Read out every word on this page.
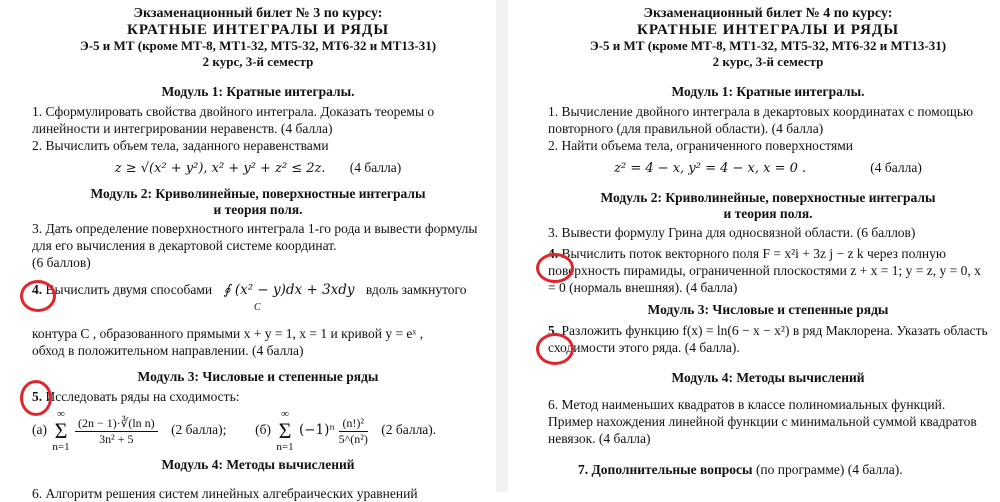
Экзаменационный билет № 3 по курсу:
КРАТНЫЕ ИНТЕГРАЛЫ И РЯДЫ
Э-5 и МТ (кроме МТ-8, МТ1-32, МТ5-32, МТ6-32 и МТ13-31)
2 курс, 3-й семестр
Модуль 1: Кратные интегралы.
1. Сформулировать свойства двойного интеграла. Доказать теоремы о линейности и интегрировании неравенств. (4 балла)
2. Вычислить объем тела, заданного неравенствами
z ≥ √(x² + y²), x² + y² + z² ≤ 2z. (4 балла)
Модуль 2: Криволинейные, поверхностные интегралы
и теория поля.
3. Дать определение поверхностного интеграла 1-го рода и вывести формулы для его вычисления в декартовой системе координат.
(6 баллов)
4. Вычислить двумя способами ∮ (x² − y)dx + 3xdy вдоль замкнутого
C
контура C , образованного прямыми x + y = 1, x = 1 и кривой y = eˣ ,
обход в положительном направлении. (4 балла)
Модуль 3: Числовые и степенные ряды
5. Исследовать ряды на сходимость:
(а)
∞
Σ
n=1

$\frac{\text{(2n − 1)·∛(ln n)}}{\text{3n² + 5}} (2$ балла); (б)
∞
Σ
n=1
$(-1)^n \frac{\text{(n!)²}}{\text{5\textasciicircum{}(n²)}} (2$ балла).
Модуль 4: Методы вычислений
6. Алгоритм решения систем линейных алгебраических уравнений
Экзаменационный билет № 4 по курсу:
КРАТНЫЕ ИНТЕГРАЛЫ И РЯДЫ
Э-5 и МТ (кроме МТ-8, МТ1-32, МТ5-32, МТ6-32 и МТ13-31)
2 курс, 3-й семестр
Модуль 1: Кратные интегралы.
1. Вычисление двойного интеграла в декартовых координатах с помощью повторного (для правильной области). (4 балла)
2. Найти объема тела, ограниченного поверхностями
z² = 4 − x, y² = 4 − x, x = 0 .	(4 балла)
Модуль 2: Криволинейные, поверхностные интегралы
и теория поля.
3. Вывести формулу Грина для односвязной области. (6 баллов)
4. Вычислить поток векторного поля F = x²i + 3z j − z k через полную поверхность пирамиды, ограниченной плоскостями z + x = 1; y = z, y = 0, x = 0 (нормаль внешняя). (4 балла)
Модуль 3: Числовые и степенные ряды
5. Разложить функцию f(x) = ln(6 − x − x²) в ряд Маклорена. Указать область сходимости этого ряда. (4 балла).
Модуль 4: Методы вычислений
6. Метод наименьших квадратов в классе полиномиальных функций. Пример нахождения линейной функции с минимальной суммой квадратов невязок. (4 балла)
7. Дополнительные вопросы (по программе) (4 балла).
